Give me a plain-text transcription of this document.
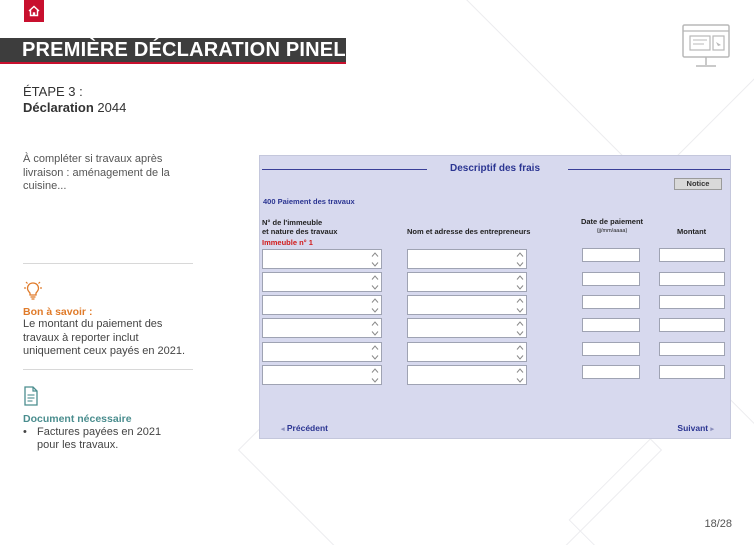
PREMIÈRE DÉCLARATION PINEL
ÉTAPE 3 :
Déclaration 2044
À compléter si travaux après livraison : aménagement de la cuisine...
Bon à savoir :
Le montant du paiement des travaux à reporter inclut uniquement ceux payés en 2021.
Document nécessaire
• Factures payées en 2021 pour les travaux.
Descriptif des frais
Notice
400 Paiement des travaux
N° de l'immeuble
et nature des travaux
Immeuble n° 1
Nom et adresse des entrepreneurs
Date de paiement
(jj/mm/aaaa)	Montant
◂ Précédent	Suivant ▸
18/28
